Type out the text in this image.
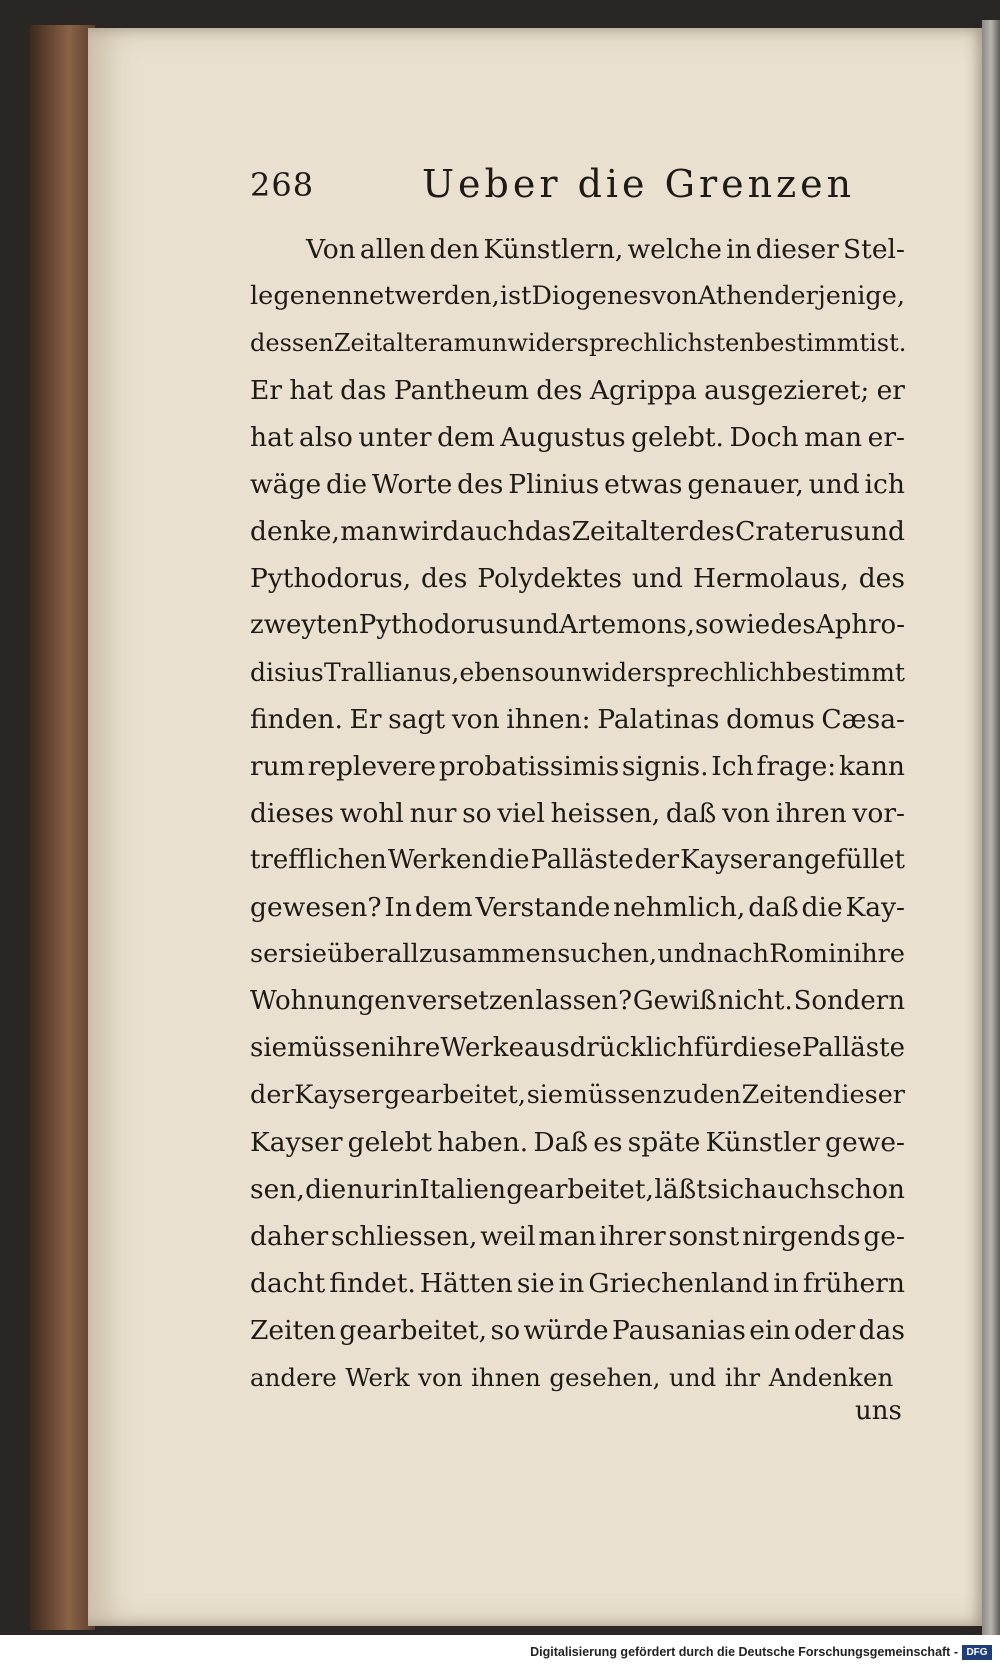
268	Ueber die Grenzen
Von allen den Künstlern, welche in dieser Stel-
le genennet werden, ist Diogenes von Athen derjenige,
dessen Zeitalter am unwidersprechlichsten bestimmt ist.
Er hat das Pantheum des Agrippa ausgezieret; er
hat also unter dem Augustus gelebt. Doch man er-
wäge die Worte des Plinius etwas genauer, und ich
denke, man wird auch das Zeitalter des Craterus und
Pythodorus, des Polydektes und Hermolaus, des
zweyten Pythodorus und Artemons, so wie des Aphro-
disius Trallianus, eben so unwidersprechlich bestimmt
finden. Er sagt von ihnen: Palatinas domus Cæsa-
rum replevere probatissimis signis. Ich frage: kann
dieses wohl nur so viel heissen, daß von ihren vor-
trefflichen Werken die Palläste der Kayser angefüllet
gewesen? In dem Verstande nehmlich, daß die Kay-
ser sie überall zusammen suchen, und nach Rom in ihre
Wohnungen versetzen lassen? Gewiß nicht. Sondern
sie müssen ihre Werke ausdrücklich für diese Palläste
der Kayser gearbeitet, sie müssen zu den Zeiten dieser
Kayser gelebt haben. Daß es späte Künstler gewe-
sen, die nur in Italien gearbeitet, läßt sich auch schon
daher schliessen, weil man ihrer sonst nirgends ge-
dacht findet. Hätten sie in Griechenland in frühern
Zeiten gearbeitet, so würde Pausanias ein oder das
andere Werk von ihnen gesehen, und ihr Andenken
uns
Digitalisierung gefördert durch die Deutsche Forschungsgemeinschaft - DFG
